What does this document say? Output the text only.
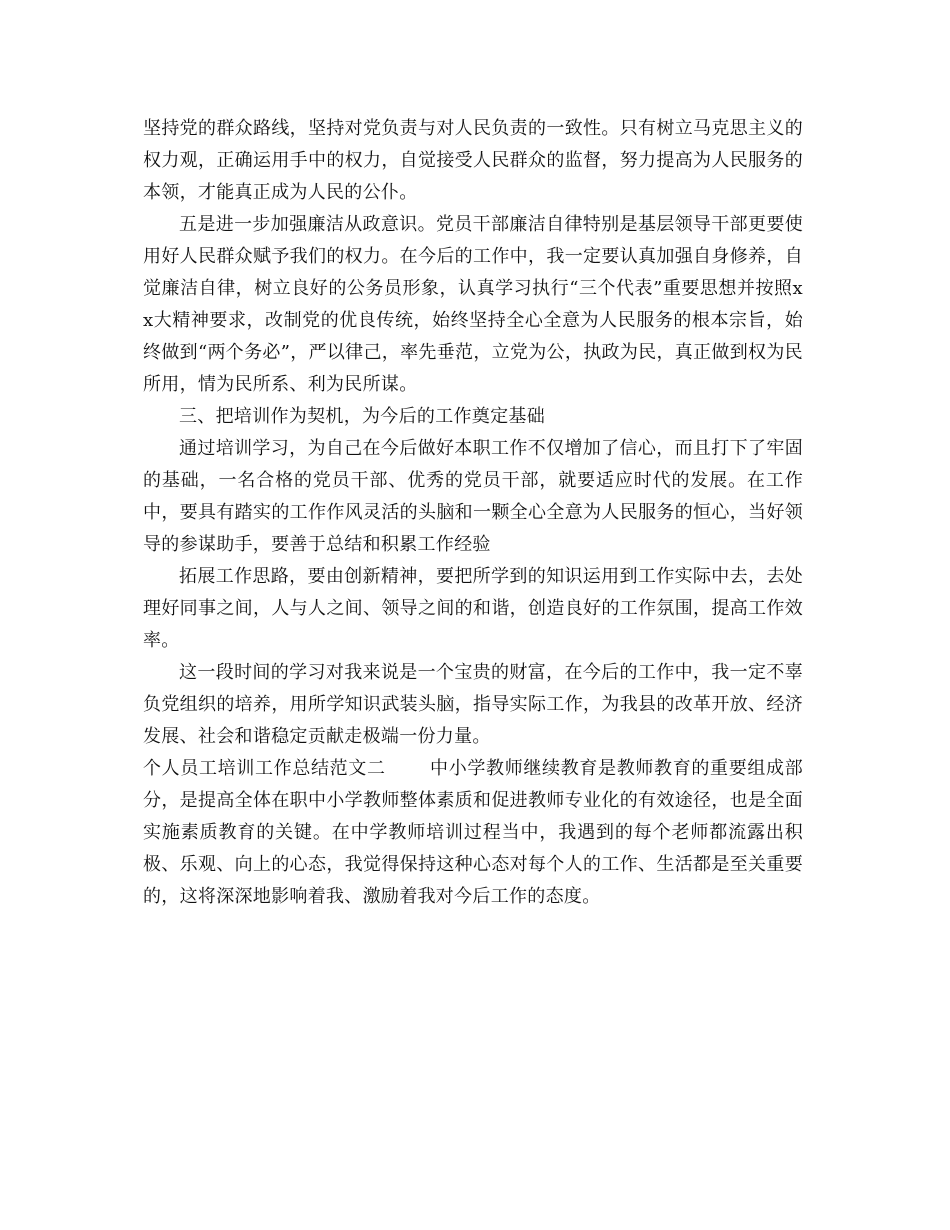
坚持党的群众路线，坚持对党负责与对人民负责的一致性。只有树立马克思主义的权力观，正确运用手中的权力，自觉接受人民群众的监督，努力提高为人民服务的本领，才能真正成为人民的公仆。

五是进一步加强廉洁从政意识。党员干部廉洁自律特别是基层领导干部更要使用好人民群众赋予我们的权力。在今后的工作中，我一定要认真加强自身修养，自觉廉洁自律，树立良好的公务员形象，认真学习执行“三个代表”重要思想并按照xx大精神要求，改制党的优良传统，始终坚持全心全意为人民服务的根本宗旨，始终做到“两个务必”，严以律己，率先垂范，立党为公，执政为民，真正做到权为民所用，情为民所系、利为民所谋。

三、把培训作为契机，为今后的工作奠定基础

通过培训学习，为自己在今后做好本职工作不仅增加了信心，而且打下了牢固的基础，一名合格的党员干部、优秀的党员干部，就要适应时代的发展。在工作中，要具有踏实的工作作风灵活的头脑和一颗全心全意为人民服务的恒心，当好领导的参谋助手，要善于总结和积累工作经验

拓展工作思路，要由创新精神，要把所学到的知识运用到工作实际中去，去处理好同事之间，人与人之间、领导之间的和谐，创造良好的工作氛围，提高工作效率。

这一段时间的学习对我来说是一个宝贵的财富，在今后的工作中，我一定不辜负党组织的培养，用所学知识武装头脑，指导实际工作，为我县的改革开放、经济发展、社会和谐稳定贡献走极端一份力量。

个人员工培训工作总结范文二 中小学教师继续教育是教师教育的重要组成部分，是提高全体在职中小学教师整体素质和促进教师专业化的有效途径，也是全面实施素质教育的关键。在中学教师培训过程当中，我遇到的每个老师都流露出积极、乐观、向上的心态，我觉得保持这种心态对每个人的工作、生活都是至关重要的，这将深深地影响着我、激励着我对今后工作的态度。
